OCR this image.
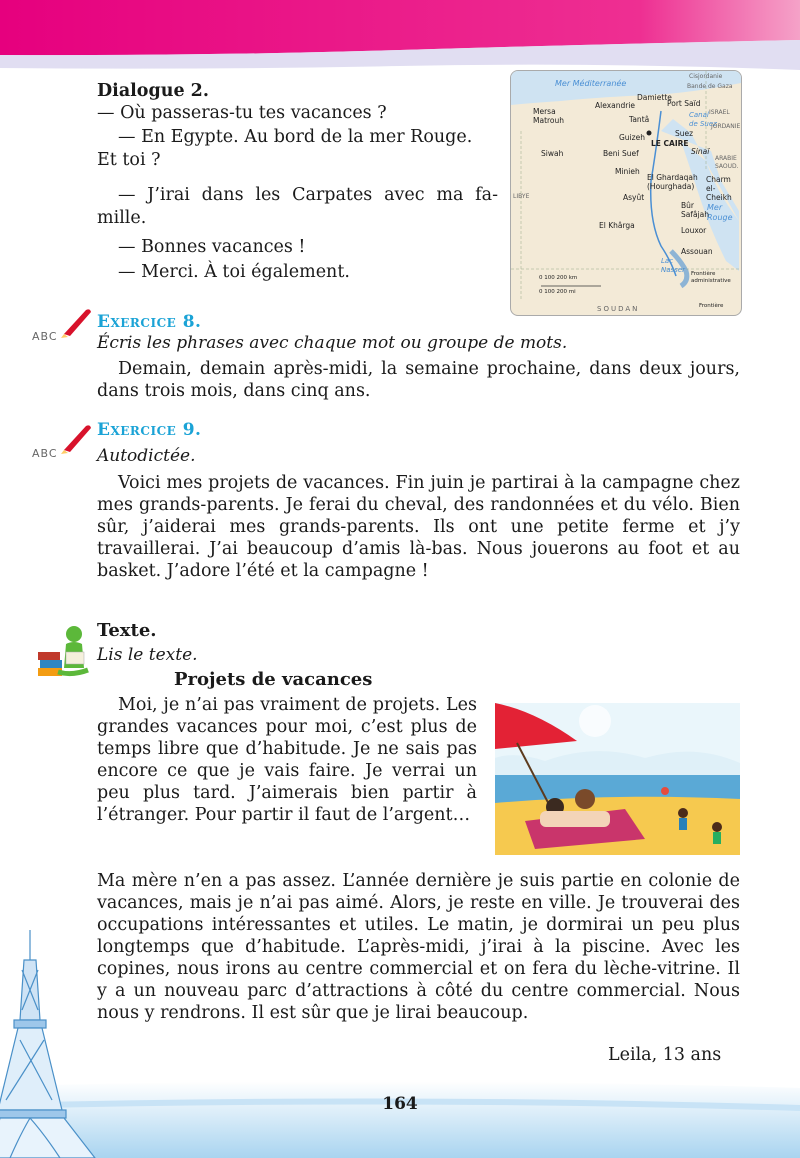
Dialogue 2.
— Où passeras-tu tes vacances ?
— En Egypte. Au bord de la mer Rouge.
Et toi ?
— J’irai dans les Carpates avec ma fa-
mille.
— Bonnes vacances !
— Merci. À toi également.
Mer Méditerranée
Mer Rouge
Lac Nasser
Canal de Suez
Alexandrie
Damiette
Port Saïd
Mersa Matrouh	Tantâ
Guizeh
LE CAIRE
Suez
Siwah	Beni Suef	Sinaï
Minieh
El Ghardaqah (Hourghada)
Charm el-Cheikh
Asyût
Bûr Safâjah
El Khârga
Louxor
Assouan
Cisjordanie
Bande de Gaza
ISRAEL
JORDANIE
ARABIE SAOUD.
LIBYE
SOUDAN
0 100 200 km
0 100 200 mi
Frontière administrative
Frontière
ABC
Exercice 8.
Écris les phrases avec chaque mot ou groupe de mots.

Demain, demain après-midi, la semaine prochaine, dans deux jours, dans trois mois, dans cinq ans.

ABC
Exercice 9.
Autodictée.

Voici mes projets de vacances. Fin juin je partirai à la campagne chez mes grands-parents. Je ferai du cheval, des randonnées et du vélo. Bien sûr, j’aiderai mes grands-parents. Ils ont une petite ferme et j’y travaillerai. J’ai beaucoup d’amis là-bas. Nous jouerons au foot et au basket. J’adore l’été et la campagne !

Texte.
Lis le texte.
Projets de vacances

Moi, je n’ai pas vraiment de projets. Les grandes vacances pour moi, c’est plus de temps libre que d’habitude. Je ne sais pas encore ce que je vais faire. Je verrai un peu plus tard. J’aimerais bien partir à l’étranger. Pour partir il faut de l’argent…

Ma mère n’en a pas assez. L’année dernière je suis partie en colonie de vacances, mais je n’ai pas aimé. Alors, je reste en ville. Je trouverai des occupations intéressantes et utiles. Le matin, je dormirai un peu plus longtemps que d’habitude. L’après-midi, j’irai à la piscine. Avec les copines, nous irons au centre commercial et on fera du lèche-vitrine. Il y a un nouveau parc d’attractions à côté du centre commercial. Nous nous y rendrons. Il est sûr que je lirai beaucoup.

Leila, 13 ans
164
